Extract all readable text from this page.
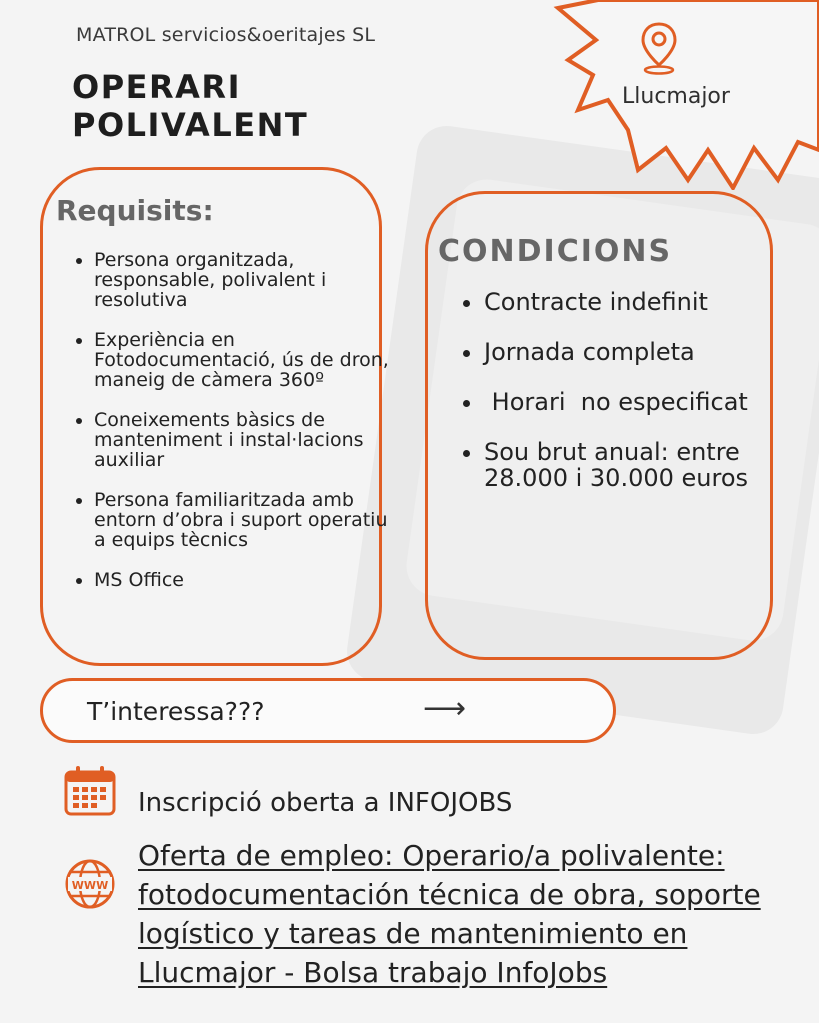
MATROL servicios&oeritajes SL
OPERARI
POLIVALENT
Llucmajor
Requisits:
• Persona organitzada, responsable, polivalent i resolutiva
• Experiència en Fotodocumentació, ús de dron, maneig de càmera 360º
• Coneixements bàsics de manteniment i instal·lacions auxiliar
• Persona familiaritzada amb entorn d’obra i suport operatiu a equips tècnics
• MS Office
CONDICIONS
• Contracte indefinit
• Jornada completa
•  Horari  no especificat
• Sou brut anual: entre 28.000 i 30.000 euros
T’interessa???	⟶
Inscripció oberta a INFOJOBS
WWW
Oferta de empleo: Operario/a polivalente: fotodocumentación técnica de obra, soporte logístico y tareas de mantenimiento en Llucmajor - Bolsa trabajo InfoJobs
